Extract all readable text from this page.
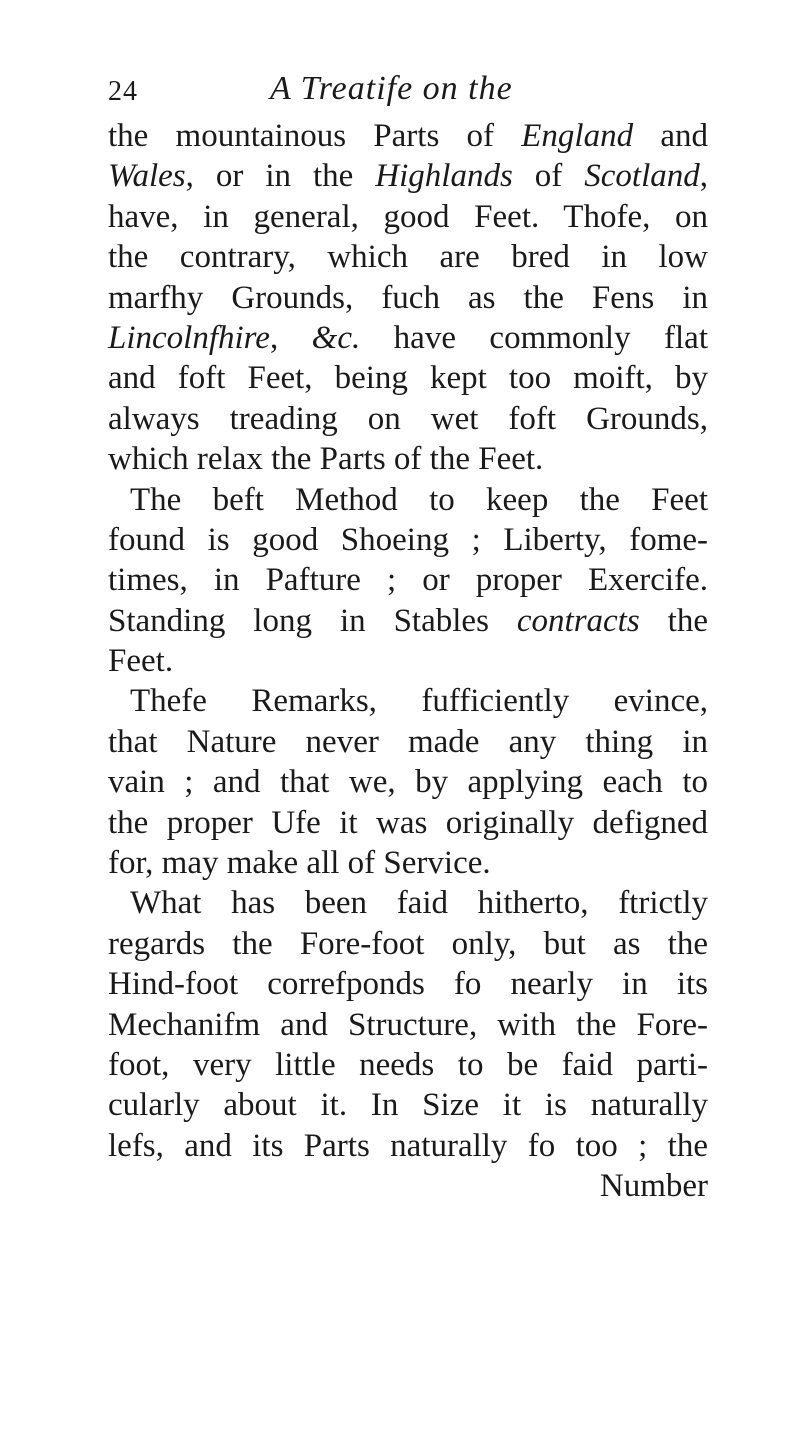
24	A Treatife on the
the mountainous Parts of England and
Wales, or in the Highlands of Scotland,
have, in general, good Feet. Thofe, on
the contrary, which are bred in low
marfhy Grounds, fuch as the Fens in
Lincolnfhire, &c. have commonly flat
and foft Feet, being kept too moift, by
always treading on wet foft Grounds,
which relax the Parts of the Feet.
The beft Method to keep the Feet
found is good Shoeing ; Liberty, fome-
times, in Pafture ; or proper Exercife.
Standing long in Stables contracts the
Feet.
Thefe Remarks, fufficiently evince,
that Nature never made any thing in
vain ; and that we, by applying each to
the proper Ufe it was originally defigned
for, may make all of Service.
What has been faid hitherto, ftrictly
regards the Fore-foot only, but as the
Hind-foot correfponds fo nearly in its
Mechanifm and Structure, with the Fore-
foot, very little needs to be faid parti-
cularly about it. In Size it is naturally
lefs, and its Parts naturally fo too ; the
Number
